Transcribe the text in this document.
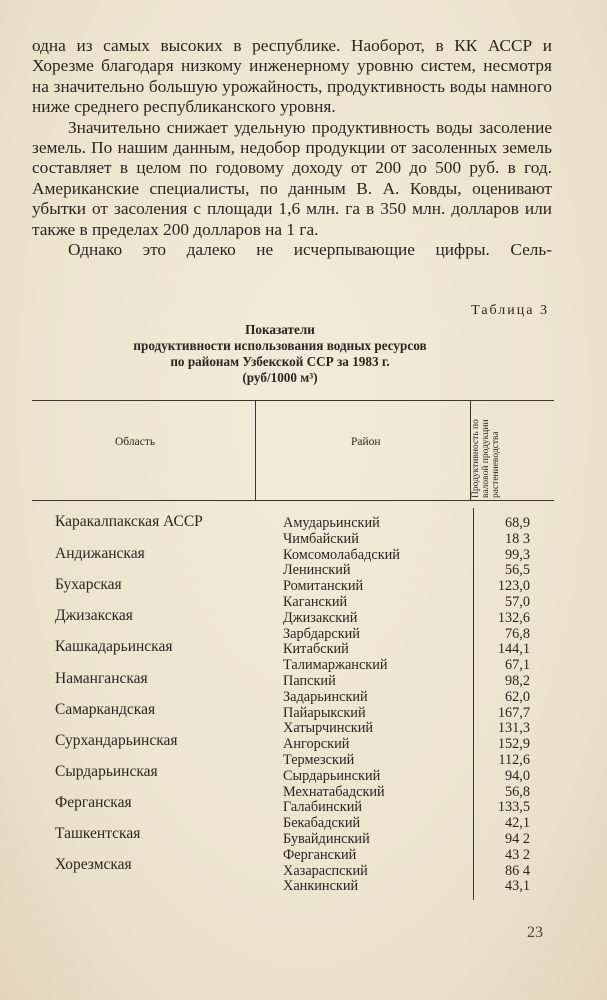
одна из самых высоких в республике. Наоборот, в КК АССР и Хорезме благодаря низкому инженерному уровню систем, несмотря на значительно большую урожайность, продуктивность воды намного ниже среднего республиканского уровня.

Значительно снижает удельную продуктивность воды засоление земель. По нашим данным, недобор продукции от засоленных земель составляет в целом по годовому доходу от 200 до 500 руб. в год. Американские специалисты, по данным В. А. Ковды, оценивают убытки от засоления с площади 1,6 млн. га в 350 млн. долларов или также в пределах 200 долларов на 1 га.

Однако это далеко не исчерпывающие цифры. Сель-

Таблица 3
Показатели
продуктивности использования водных ресурсов
по районам Узбекской ССР за 1983 г.
(руб/1000 м³)
Область	Район	Продуктивность по валовой продукции растениеводства
Каракалпакская АССР
Андижанская
Бухарская
Джизакская
Кашкадарьинская
Наманганская
Самаркандская
Сурхандарьинская
Сырдарьинская
Ферганская
Ташкентская
Хорезмская
Амударьинский
Чимбайский
Комсомолабадский
Ленинский
Ромитанский
Каганский
Джизакский
Зарбдарский
Китабский
Талимаржанский
Папский
Задарьинский
Пайарыкский
Хатырчинский
Ангорский
Термезский
Сырдарьинский
Мехнатабадский
Галабинский
Бекабадский
Бувайдинский
Ферганский
Хазараспский
Ханкинский
68,9
18 3
99,3
56,5
123,0
57,0
132,6
76,8
144,1
67,1
98,2
62,0
167,7
131,3
152,9
112,6
94,0
56,8
133,5
42,1
94 2
43 2
86 4
43,1
23
